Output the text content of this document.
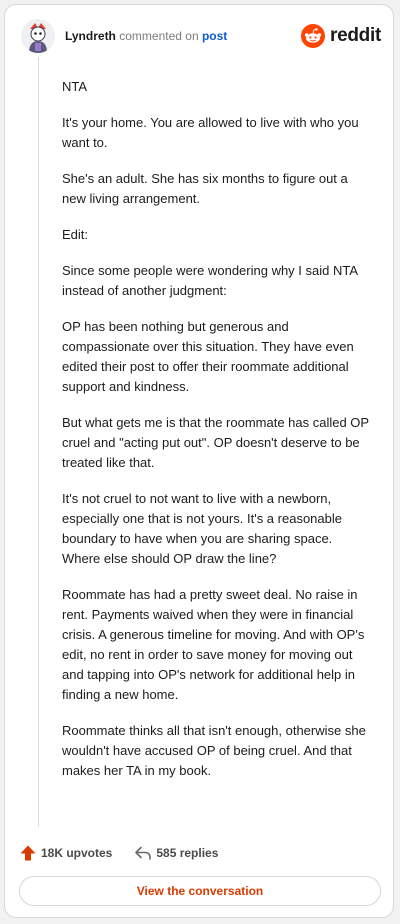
Lyndreth commented on post	reddit

NTA

It's your home. You are allowed to live with who you want to.

She's an adult. She has six months to figure out a new living arrangement.

Edit:

Since some people were wondering why I said NTA instead of another judgment:

OP has been nothing but generous and compassionate over this situation. They have even edited their post to offer their roommate additional support and kindness.

But what gets me is that the roommate has called OP cruel and "acting put out". OP doesn't deserve to be treated like that.

It's not cruel to not want to live with a newborn, especially one that is not yours. It's a reasonable boundary to have when you are sharing space. Where else should OP draw the line?

Roommate has had a pretty sweet deal. No raise in rent. Payments waived when they were in financial crisis. A generous timeline for moving. And with OP's edit, no rent in order to save money for moving out and tapping into OP's network for additional help in finding a new home.

Roommate thinks all that isn't enough, otherwise she wouldn't have accused OP of being cruel. And that makes her TA in my book.

18K upvotes	585 replies
View the conversation
